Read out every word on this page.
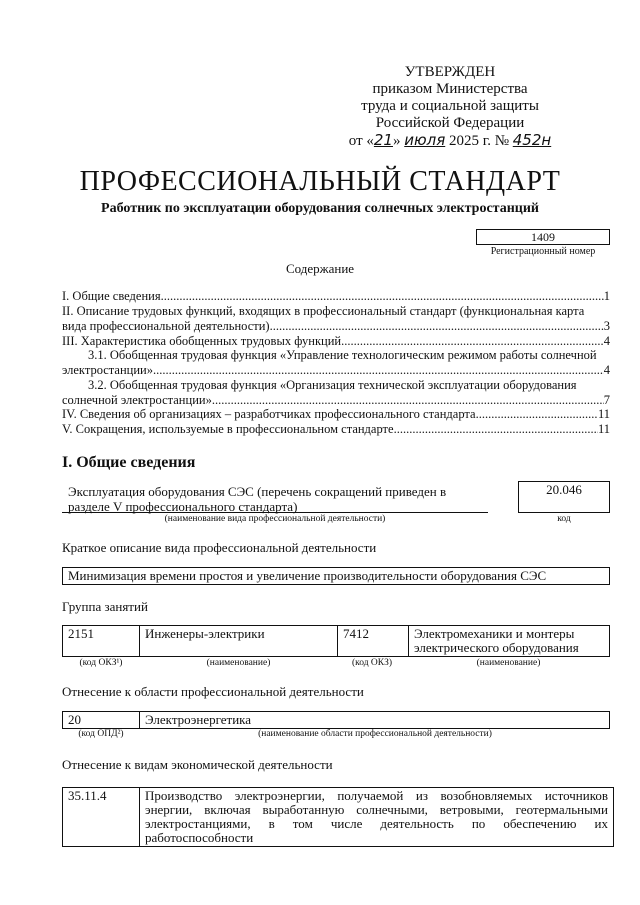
УТВЕРЖДЕН
приказом Министерства
труда и социальной защиты
Российской Федерации
от «21» июля 2025 г. № 452н
ПРОФЕССИОНАЛЬНЫЙ СТАНДАРТ
Работник по эксплуатации оборудования солнечных электростанций
1409
Регистрационный номер
Содержание
I. Общие сведения .....	1
II. Описание трудовых функций, входящих в профессиональный стандарт (функциональная карта
вида профессиональной деятельности) .....	3
III. Характеристика обобщенных трудовых функций .....	4
3.1. Обобщенная трудовая функция «Управление технологическим режимом работы солнечной
электростанции» .....	4
3.2. Обобщенная трудовая функция «Организация технической эксплуатации оборудования
солнечной электростанции» .....	7
IV. Сведения об организациях – разработчиках профессионального стандарта .....	11
V. Сокращения, используемые в профессиональном стандарте .....	11
I. Общие сведения
Эксплуатация оборудования СЭС (перечень сокращений приведен в разделе V профессионального стандарта)
(наименование вида профессиональной деятельности)
20.046
код
Краткое описание вида профессиональной деятельности
Минимизация времени простоя и увеличение производительности оборудования СЭС
Группа занятий
2151	Инженеры-электрики	7412	Электромеханики и монтеры электрического оборудования
(код ОКЗ¹)	(наименование)	(код ОКЗ)	(наименование)
Отнесение к области профессиональной деятельности
20	Электроэнергетика
(код ОПД²)	(наименование области профессиональной деятельности)
Отнесение к видам экономической деятельности
35.11.4	Производство электроэнергии, получаемой из возобновляемых источников энергии, включая выработанную солнечными, ветровыми, геотермальными электростанциями, в том числе деятельность по обеспечению их работоспособности
